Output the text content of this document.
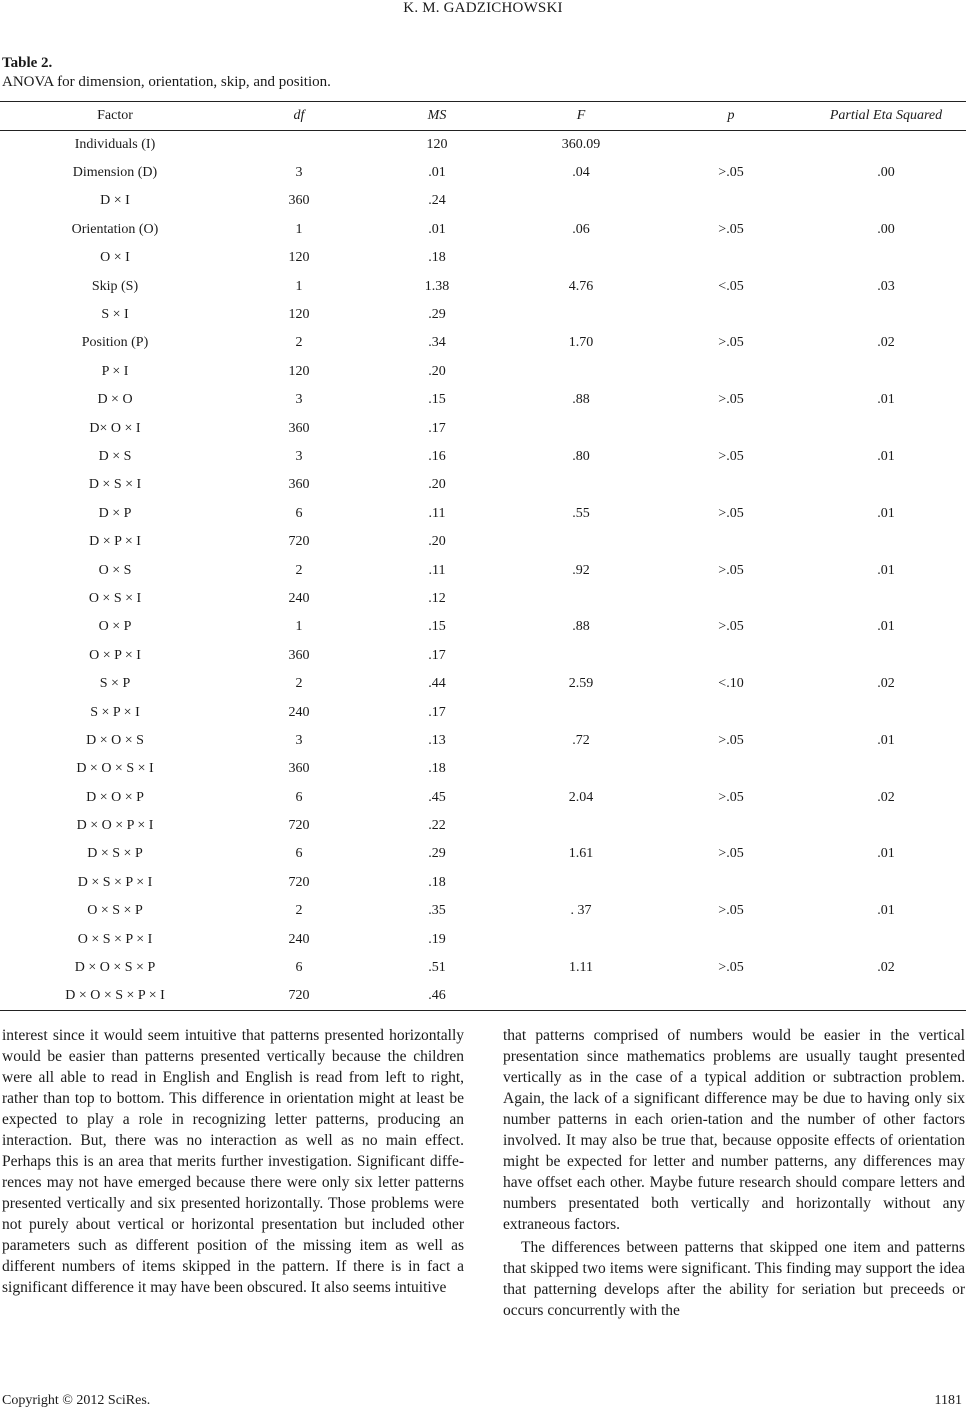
K. M. GADZICHOWSKI
Table 2.
ANOVA for dimension, orientation, skip, and position.
Factor	df	MS	F	p	Partial Eta Squared
Individuals (I)		120	360.09		
Dimension (D)	3	.01	.04	>.05	.00
D × I	360	.24			
Orientation (O)	1	.01	.06	>.05	.00
O × I	120	.18			
Skip (S)	1	1.38	4.76	<.05	.03
S × I	120	.29			
Position (P)	2	.34	1.70	>.05	.02
P × I	120	.20			
D × O	3	.15	.88	>.05	.01
D× O × I	360	.17			
D × S	3	.16	.80	>.05	.01
D × S × I	360	.20			
D × P	6	.11	.55	>.05	.01
D × P × I	720	.20			
O × S	2	.11	.92	>.05	.01
O × S × I	240	.12			
O × P	1	.15	.88	>.05	.01
O × P × I	360	.17			
S × P	2	.44	2.59	<.10	.02
S × P × I	240	.17			
D × O × S	3	.13	.72	>.05	.01
D × O × S × I	360	.18			
D × O × P	6	.45	2.04	>.05	.02
D × O × P × I	720	.22			
D × S × P	6	.29	1.61	>.05	.01
D × S × P × I	720	.18			
O × S × P	2	.35	. 37	>.05	.01
O × S × P × I	240	.19			
D × O × S × P	6	.51	1.11	>.05	.02
D × O × S × P × I	720	.46			

interest since it would seem intuitive that patterns presented horizontally would be easier than patterns presented vertically because the children were all able to read in English and English is read from left to right, rather than top to bottom. This difference in orientation might at least be expected to play a role in recognizing letter patterns, producing an interaction. But, there was no interaction as well as no main effect. Perhaps this is an area that merits further investigation. Significant diffe-rences may not have emerged because there were only six letter patterns presented vertically and six presented horizontally. Those problems were not purely about vertical or horizontal presentation but included other parameters such as different position of the missing item as well as different numbers of items skipped in the pattern. If there is in fact a significant difference it may have been obscured. It also seems intuitive

that patterns comprised of numbers would be easier in the vertical presentation since mathematics problems are usually taught presented vertically as in the case of a typical addition or subtraction problem. Again, the lack of a significant difference may be due to having only six number patterns in each orien-tation and the number of other factors involved. It may also be true that, because opposite effects of orientation might be expected for letter and number patterns, any differences may have offset each other. Maybe future research should compare letters and numbers presentated both vertically and horizontally without any extraneous factors.

The differences between patterns that skipped one item and patterns that skipped two items were significant. This finding may support the idea that patterning develops after the ability for seriation but preceeds or occurs concurrently with the

Copyright © 2012 SciRes.	1181
